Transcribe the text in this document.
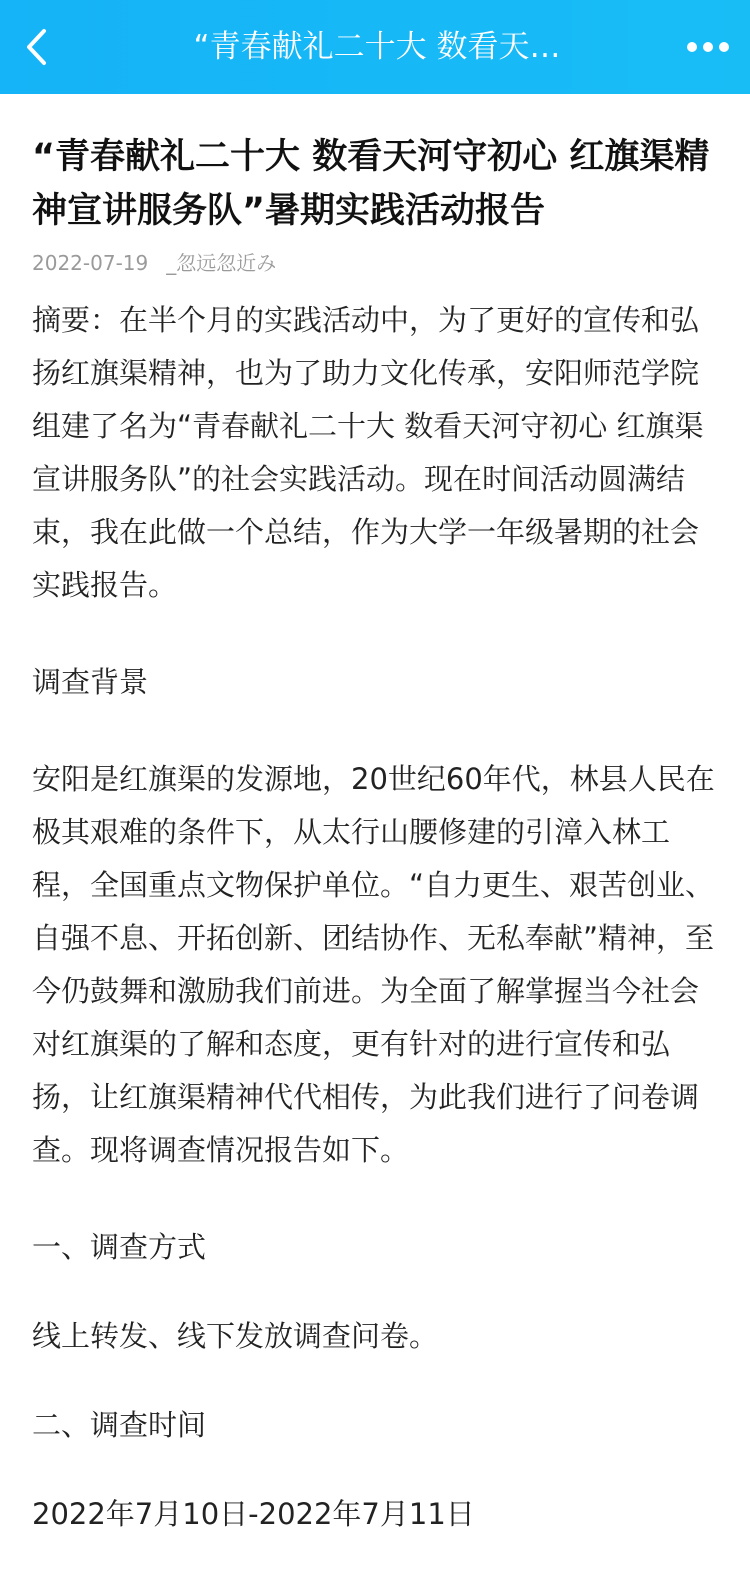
“青春献礼二十大 数看天…
“青春献礼二十大 数看天河守初心 红旗渠精神宣讲服务队”暑期实践活动报告
2022-07-19 _忽远忽近み

摘要：在半个月的实践活动中，为了更好的宣传和弘扬红旗渠精神，也为了助力文化传承，安阳师范学院组建了名为“青春献礼二十大 数看天河守初心 红旗渠宣讲服务队”的社会实践活动。现在时间活动圆满结束，我在此做一个总结，作为大学一年级暑期的社会实践报告。

调查背景

安阳是红旗渠的发源地，20世纪60年代，林县人民在极其艰难的条件下，从太行山腰修建的引漳入林工程，全国重点文物保护单位。“自力更生、艰苦创业、自强不息、开拓创新、团结协作、无私奉献”精神，至今仍鼓舞和激励我们前进。为全面了解掌握当今社会对红旗渠的了解和态度，更有针对的进行宣传和弘扬，让红旗渠精神代代相传，为此我们进行了问卷调查。现将调查情况报告如下。

一、调查方式

线上转发、线下发放调查问卷。

二、调查时间

2022年7月10日-2022年7月11日
